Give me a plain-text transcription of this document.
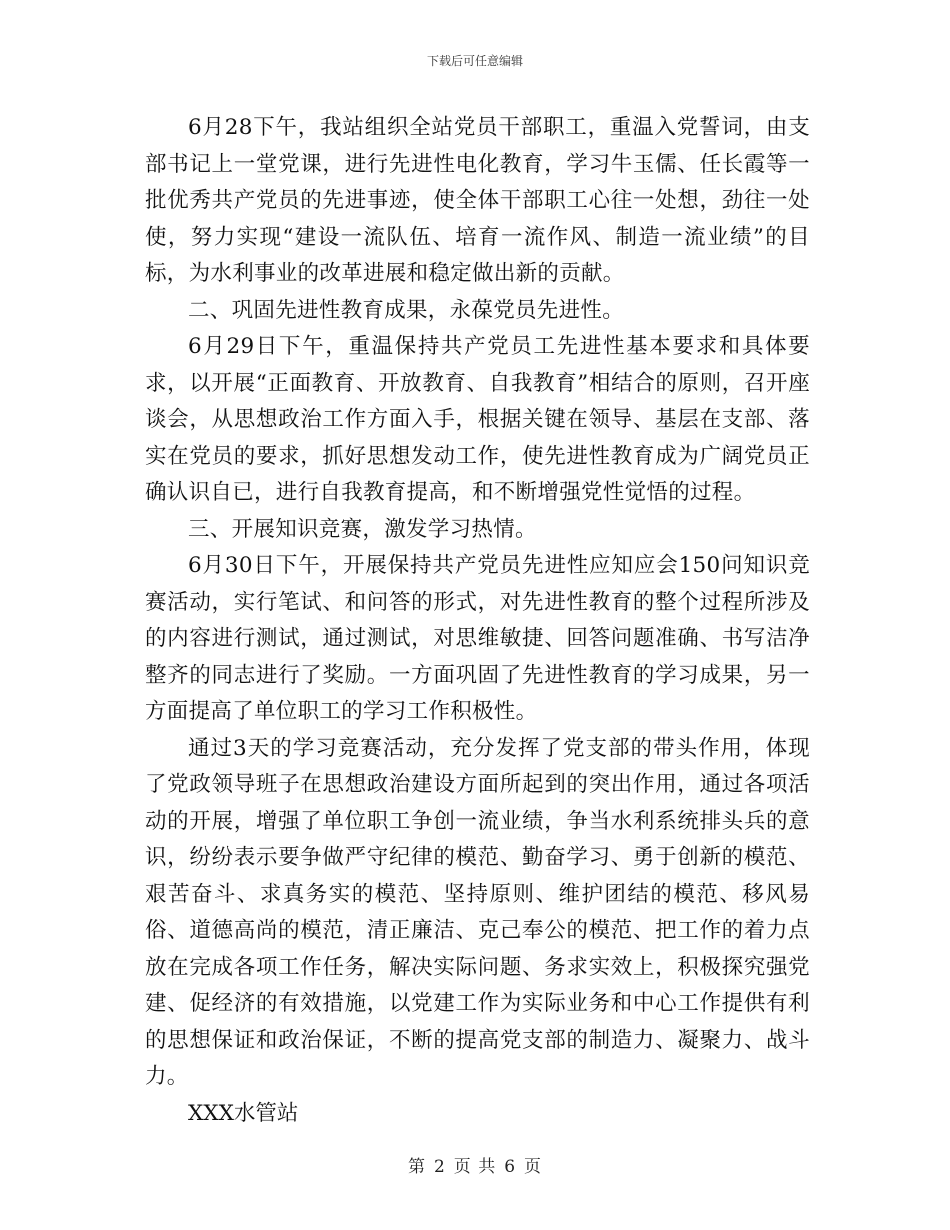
下载后可任意编辑

6月28下午，我站组织全站党员干部职工，重温入党誓词，由支部书记上一堂党课，进行先进性电化教育，学习牛玉儒、任长霞等一批优秀共产党员的先进事迹，使全体干部职工心往一处想，劲往一处使，努力实现“建设一流队伍、培育一流作风、制造一流业绩”的目标，为水利事业的改革进展和稳定做出新的贡献。

二、巩固先进性教育成果，永葆党员先进性。

6月29日下午，重温保持共产党员工先进性基本要求和具体要求，以开展“正面教育、开放教育、自我教育”相结合的原则，召开座谈会，从思想政治工作方面入手，根据关键在领导、基层在支部、落实在党员的要求，抓好思想发动工作，使先进性教育成为广阔党员正确认识自已，进行自我教育提高，和不断增强党性觉悟的过程。

三、开展知识竞赛，激发学习热情。

6月30日下午，开展保持共产党员先进性应知应会150问知识竞赛活动，实行笔试、和问答的形式，对先进性教育的整个过程所涉及的内容进行测试，通过测试，对思维敏捷、回答问题准确、书写洁净整齐的同志进行了奖励。一方面巩固了先进性教育的学习成果，另一方面提高了单位职工的学习工作积极性。

通过3天的学习竞赛活动，充分发挥了党支部的带头作用，体现了党政领导班子在思想政治建设方面所起到的突出作用，通过各项活动的开展，增强了单位职工争创一流业绩，争当水利系统排头兵的意识，纷纷表示要争做严守纪律的模范、勤奋学习、勇于创新的模范、艰苦奋斗、求真务实的模范、坚持原则、维护团结的模范、移风易俗、道德高尚的模范，清正廉洁、克己奉公的模范、把工作的着力点放在完成各项工作任务，解决实际问题、务求实效上，积极探究强党建、促经济的有效措施，以党建工作为实际业务和中心工作提供有利的思想保证和政治保证，不断的提高党支部的制造力、凝聚力、战斗力。

XXX水管站

第 2 页 共 6 页
